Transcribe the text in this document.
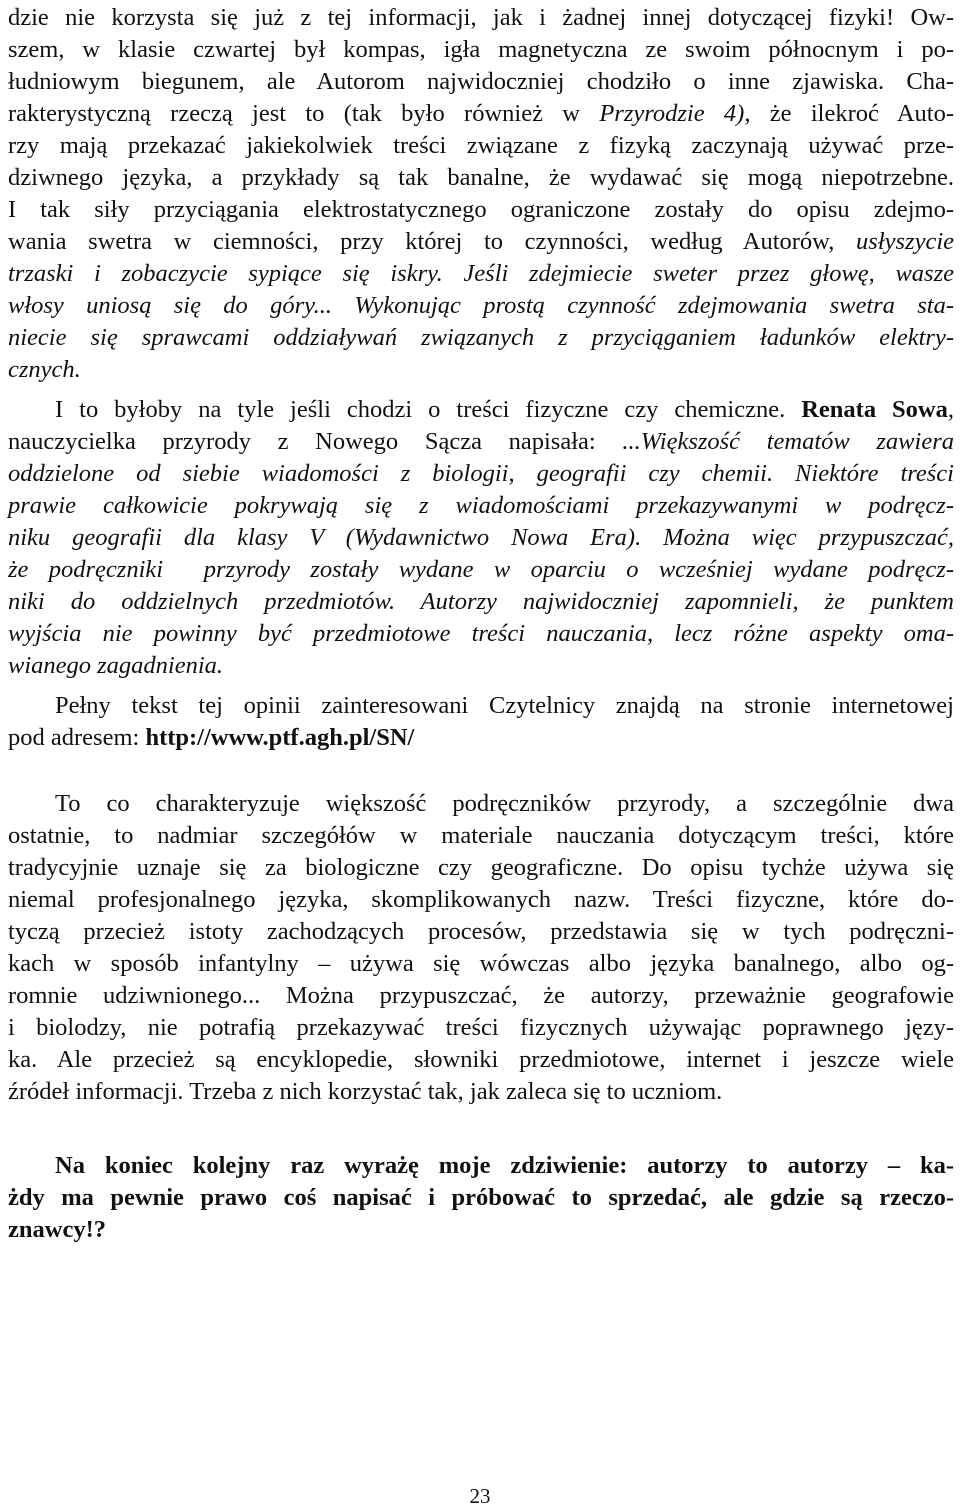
dzie nie korzysta się już z tej informacji, jak i żadnej innej dotyczącej fizyki! Ow-
szem, w klasie czwartej był kompas, igła magnetyczna ze swoim północnym i po-
łudniowym biegunem, ale Autorom najwidoczniej chodziło o inne zjawiska. Cha-
rakterystyczną rzeczą jest to (tak było również w Przyrodzie 4), że ilekroć Auto-
rzy mają przekazać jakiekolwiek treści związane z fizyką zaczynają używać prze-
dziwnego języka, a przykłady są tak banalne, że wydawać się mogą niepotrzebne.
I tak siły przyciągania elektrostatycznego ograniczone zostały do opisu zdejmo-
wania swetra w ciemności, przy której to czynności, według Autorów, usłyszycie
trzaski i zobaczycie sypiące się iskry. Jeśli zdejmiecie sweter przez głowę, wasze
włosy uniosą się do góry... Wykonując prostą czynność zdejmowania swetra sta-
niecie się sprawcami oddziaływań związanych z przyciąganiem ładunków elektry-
cznych.
I to byłoby na tyle jeśli chodzi o treści fizyczne czy chemiczne. Renata Sowa,
nauczycielka przyrody z Nowego Sącza napisała: ...Większość tematów zawiera
oddzielone od siebie wiadomości z biologii, geografii czy chemii. Niektóre treści
prawie całkowicie pokrywają się z wiadomościami przekazywanymi w podręcz-
niku geografii dla klasy V (Wydawnictwo Nowa Era). Można więc przypuszczać,
że podręczniki  przyrody zostały wydane w oparciu o wcześniej wydane podręcz-
niki do oddzielnych przedmiotów. Autorzy najwidoczniej zapomnieli, że punktem
wyjścia nie powinny być przedmiotowe treści nauczania, lecz różne aspekty oma-
wianego zagadnienia.
Pełny tekst tej opinii zainteresowani Czytelnicy znajdą na stronie internetowej
pod adresem: http://www.ptf.agh.pl/SN/
To co charakteryzuje większość podręczników przyrody, a szczególnie dwa
ostatnie, to nadmiar szczegółów w materiale nauczania dotyczącym treści, które
tradycyjnie uznaje się za biologiczne czy geograficzne. Do opisu tychże używa się
niemal profesjonalnego języka, skomplikowanych nazw. Treści fizyczne, które do-
tyczą przecież istoty zachodzących procesów, przedstawia się w tych podręczni-
kach w sposób infantylny – używa się wówczas albo języka banalnego, albo og-
romnie udziwnionego... Można przypuszczać, że autorzy, przeważnie geografowie
i biolodzy, nie potrafią przekazywać treści fizycznych używając poprawnego języ-
ka. Ale przecież są encyklopedie, słowniki przedmiotowe, internet i jeszcze wiele
źródeł informacji. Trzeba z nich korzystać tak, jak zaleca się to uczniom.
Na koniec kolejny raz wyrażę moje zdziwienie: autorzy to autorzy – ka-
żdy ma pewnie prawo coś napisać i próbować to sprzedać, ale gdzie są rzeczo-
znawcy!?
23
